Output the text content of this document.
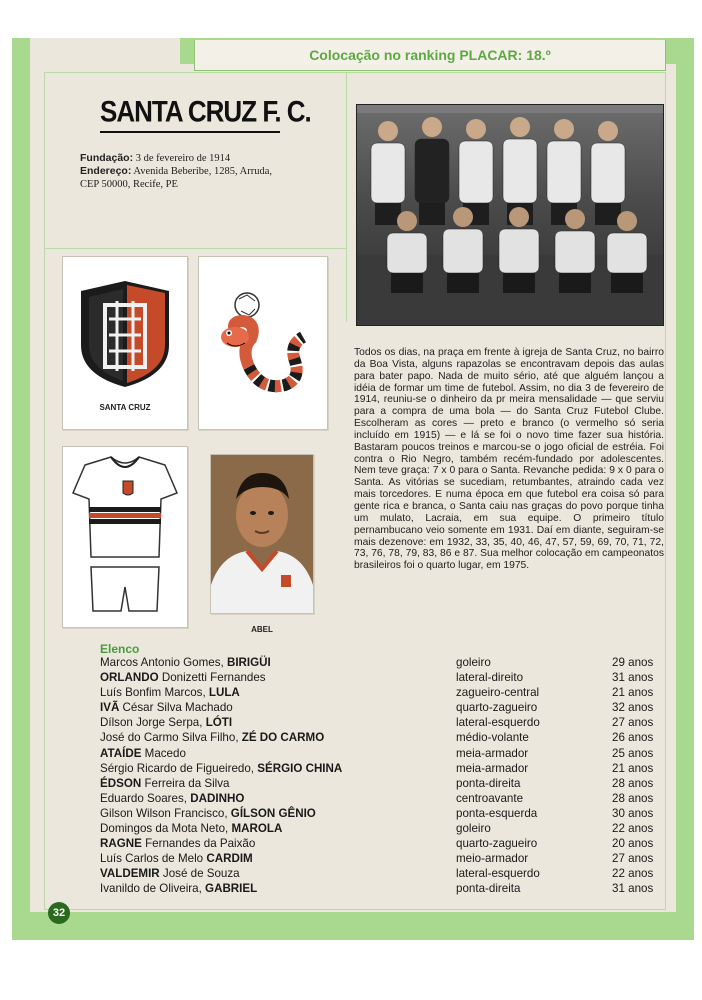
Colocação no ranking PLACAR: 18.º
SANTA CRUZ F. C.
Fundação: 3 de fevereiro de 1914
Endereço: Avenida Beberibe, 1285, Arruda,
CEP 50000, Recife, PE
SANTA CRUZ
ABEL
Todos os dias, na praça em frente à igreja de Santa Cruz, no bairro da Boa Vista, alguns rapazolas se encontravam depois das aulas para bater papo. Nada de muito sério, até que alguém lançou a idéia de formar um time de futebol. Assim, no dia 3 de fevereiro de 1914, reuniu-se o dinheiro da pr meira mensalidade — que serviu para a compra de uma bola — do Santa Cruz Futebol Clube. Escolheram as cores — preto e branco (o vermelho só seria incluído em 1915) — e lá se foi o novo time fazer sua história. Bastaram poucos treinos e marcou-se o jogo oficial de estréia. Foi contra o Rio Negro, também recém-fundado por adolescentes. Nem teve graça: 7 x 0 para o Santa. Revanche pedida: 9 x 0 para o Santa. As vitórias se sucediam, retumbantes, atraindo cada vez mais torcedores. E numa época em que futebol era coisa só para gente rica e branca, o Santa caiu nas graças do povo porque tinha um mulato, Lacraia, em sua equipe. O primeiro título pernambucano veio somente em 1931. Daí em diante, seguiram-se mais dezenove: em 1932, 33, 35, 40, 46, 47, 57, 59, 69, 70, 71, 72, 73, 76, 78, 79, 83, 86 e 87. Sua melhor colocação em campeonatos brasileiros foi o quarto lugar, em 1975.
Elenco
Marcos Antonio Gomes, BIRIGÜI	goleiro	29 anos
ORLANDO Donizetti Fernandes	lateral-direito	31 anos
Luís Bonfim Marcos, LULA	zagueiro-central	21 anos
IVÃ César Silva Machado	quarto-zagueiro	32 anos
Dílson Jorge Serpa, LÓTI	lateral-esquerdo	27 anos
José do Carmo Silva Filho, ZÉ DO CARMO	médio-volante	26 anos
ATAÍDE Macedo	meia-armador	25 anos
Sérgio Ricardo de Figueiredo, SÉRGIO CHINA	meia-armador	21 anos
ÉDSON Ferreira da Silva	ponta-direita	28 anos
Eduardo Soares, DADINHO	centroavante	28 anos
Gilson Wilson Francisco, GÍLSON GÊNIO	ponta-esquerda	30 anos
Domingos da Mota Neto, MAROLA	goleiro	22 anos
RAGNE Fernandes da Paixão	quarto-zagueiro	20 anos
Luís Carlos de Melo CARDIM	meio-armador	27 anos
VALDEMIR José de Souza	lateral-esquerdo	22 anos
Ivanildo de Oliveira, GABRIEL	ponta-direita	31 anos
32
